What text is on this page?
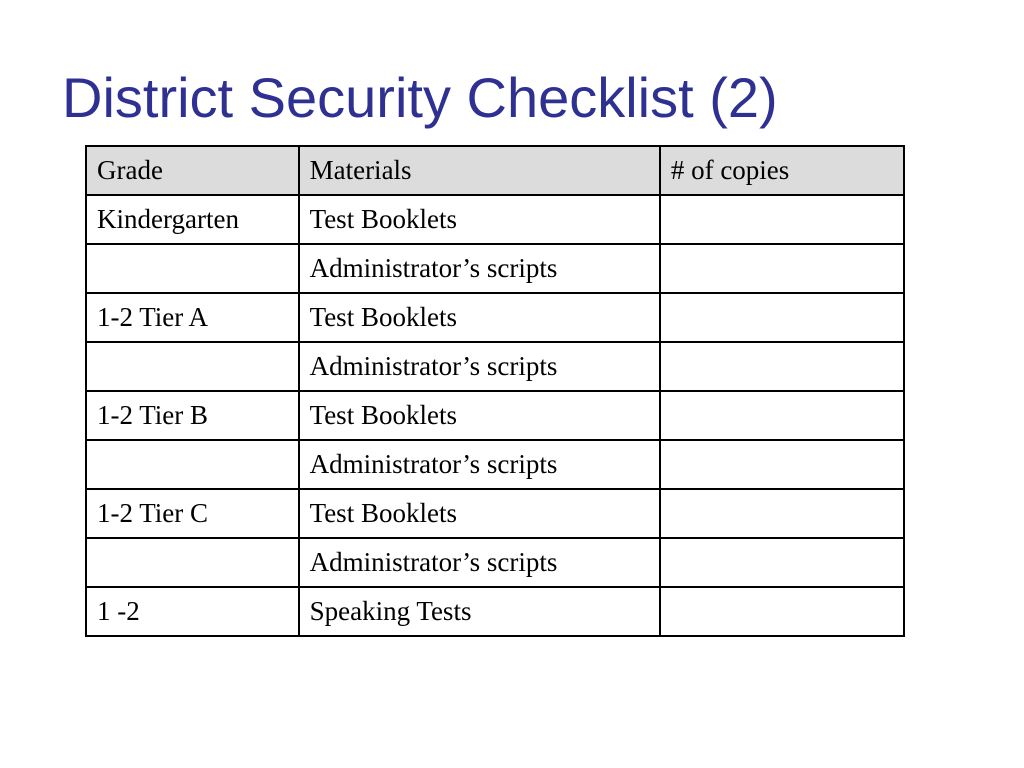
District Security Checklist (2)
Grade	Materials	# of copies
Kindergarten	Test Booklets	
	Administrator’s scripts	
1-2 Tier A	Test Booklets	
	Administrator’s scripts	
1-2 Tier B	Test Booklets	
	Administrator’s scripts	
1-2 Tier C	Test Booklets	
	Administrator’s scripts	
1 -2	Speaking Tests	
